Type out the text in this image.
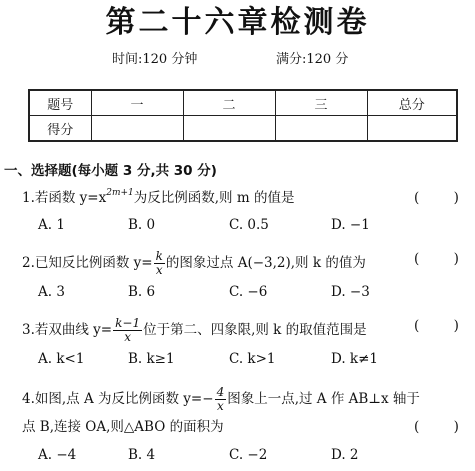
第二十六章检测卷
时间:120 分钟	满分:120 分
题号	一	二	三	总分
得分				
一、选择题(每小题 3 分,共 30 分)
1.若函数 $y=x^{2m+1}$为反比例函数,则 m 的值是	(        )
A. 1	B. 0	C. 0.5	D. −1
2.已知反比例函数 $y= \frac{k}{x}$ 的图象过点 A(−3,2),则 k 的值为	(        )
A. 3	B. 6	C. −6	D. −3
3.若双曲线 $y= \frac{k-1}{x}$ 位于第二、四象限,则 k 的取值范围是	(        )
A. k<1	B. k≥1	C. k>1	D. k≠1
4.如图,点 A 为反比例函数 $y=- \frac{4}{x}$ 图象上一点,过 A 作 AB⊥x 轴于
点 B,连接 OA,则△ABO 的面积为	(        )
A. −4	B. 4	C. −2	D. 2
